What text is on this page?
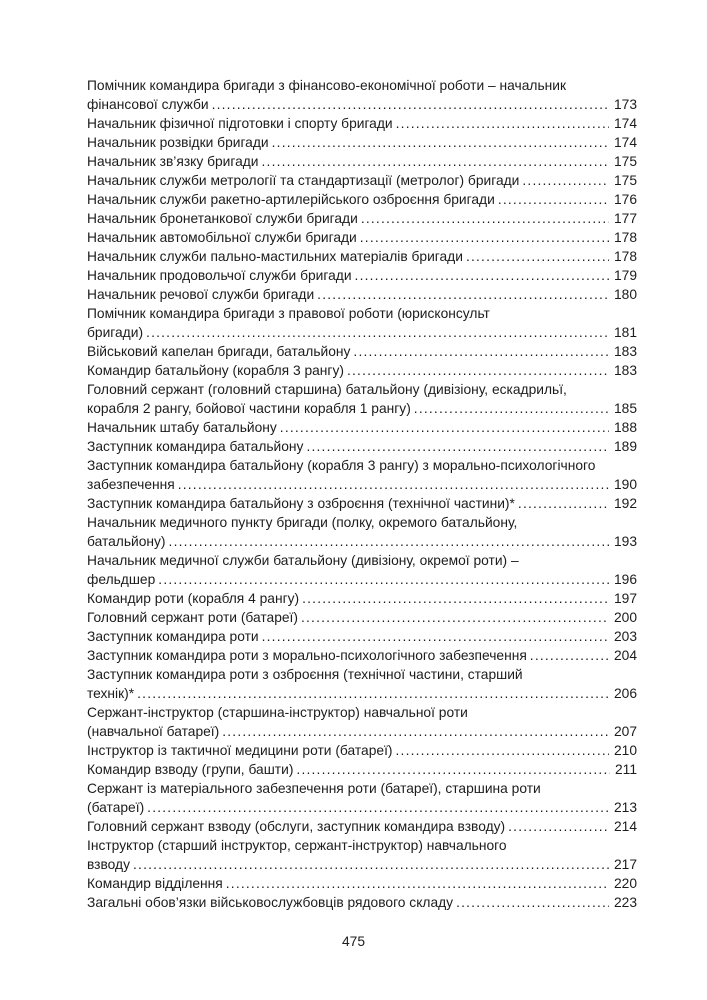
Помічник командира бригади з фінансово-економічної роботи – начальник
фінансової служби .....	173
Начальник фізичної підготовки і спорту бригади .....	174
Начальник розвідки бригади .....	174
Начальник зв’язку бригади .....	175
Начальник служби метрології та стандартизації (метролог) бригади .....	175
Начальник служби ракетно-артилерійського озброєння бригади .....	176
Начальник бронетанкової служби бригади .....	177
Начальник автомобільної служби бригади .....	178
Начальник служби пально-мастильних матеріалів бригади .....	178
Начальник продовольчої служби бригади .....	179
Начальник речової служби бригади .....	180
Помічник командира бригади з правової роботи (юрисконсульт
бригади) .....	181
Військовий капелан бригади, батальйону .....	183
Командир батальйону (корабля 3 рангу) .....	183
Головний сержант (головний старшина) батальйону (дивізіону, ескадрильї,
корабля 2 рангу, бойової частини корабля 1 рангу) .....	185
Начальник штабу батальйону .....	188
Заступник командира батальйону .....	189
Заступник командира батальйону (корабля 3 рангу) з морально-психологічного
забезпечення .....	190
Заступник командира батальйону з озброєння (технічної частини)* .....	192
Начальник медичного пункту бригади (полку, окремого батальйону,
батальйону) .....	193
Начальник медичної служби батальйону (дивізіону, окремої роти) –
фельдшер .....	196
Командир роти (корабля 4 рангу) .....	197
Головний сержант роти (батареї) .....	200
Заступник командира роти .....	203
Заступник командира роти з морально-психологічного забезпечення .....	204
Заступник командира роти з озброєння (технічної частини, старший
технік)* .....	206
Сержант-інструктор (старшина-інструктор) навчальної роти
(навчальної батареї) .....	207
Інструктор із тактичної медицини роти (батареї) .....	210
Командир взводу (групи, башти) .....	211
Сержант із матеріального забезпечення роти (батареї), старшина роти
(батареї) .....	213
Головний сержант взводу (обслуги, заступник командира взводу) .....	214
Інструктор (старший інструктор, сержант-інструктор) навчального
взводу .....	217
Командир відділення .....	220
Загальні обов’язки військовослужбовців рядового складу .....	223
475
